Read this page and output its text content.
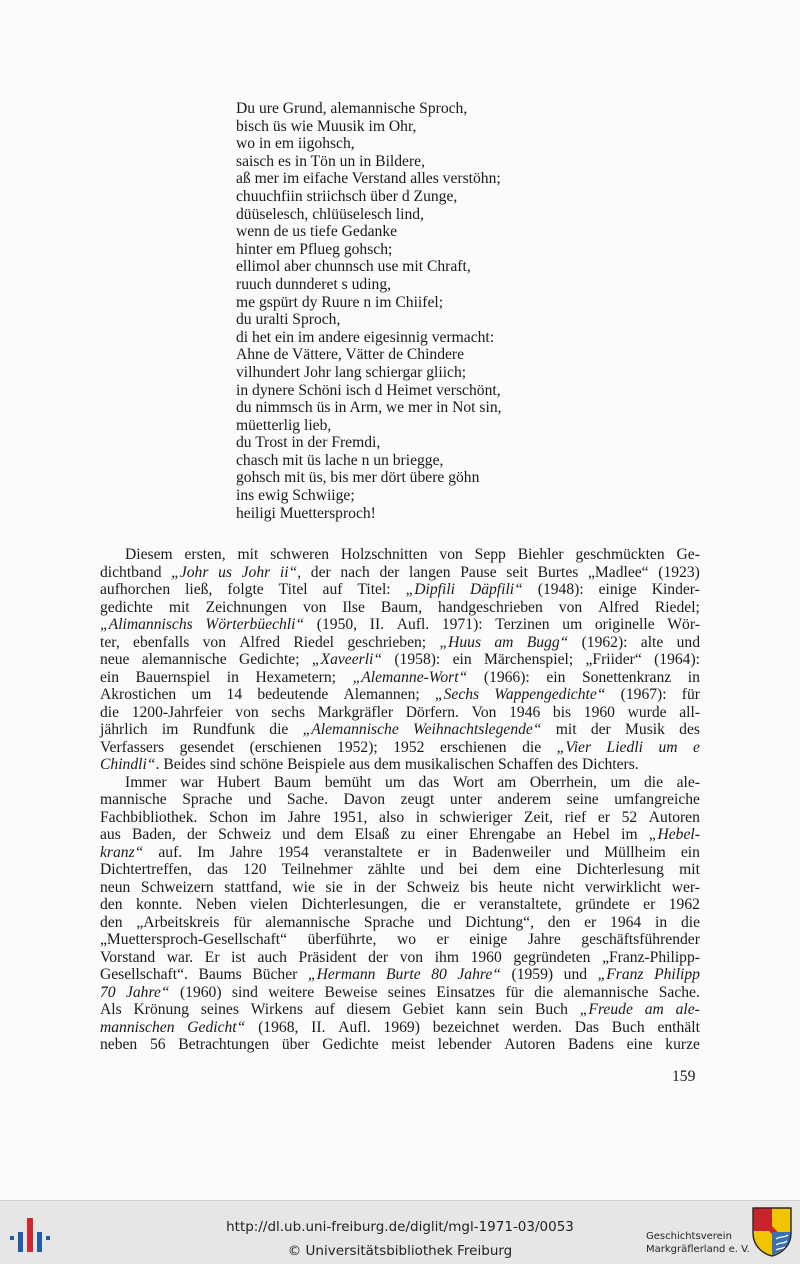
Du ure Grund, alemannische Sproch,
bisch üs wie Muusik im Ohr,
wo in em iigohsch,
saisch es in Tön un in Bildere,
aß mer im eifache Verstand alles verstöhn;
chuuchfiin striichsch über d Zunge,
düüselesch, chlüüselesch lind,
wenn de us tiefe Gedanke
hinter em Pflueg gohsch;
ellimol aber chunnsch use mit Chraft,
ruuch dunnderet s uding,
me gspürt dy Ruure n im Chiifel;
du uralti Sproch,
di het ein im andere eigesinnig vermacht:
Ahne de Vättere, Vätter de Chindere
vilhundert Johr lang schiergar gliich;
in dynere Schöni isch d Heimet verschönt,
du nimmsch üs in Arm, we mer in Not sin,
müetterlig lieb,
du Trost in der Fremdi,
chasch mit üs lache n un briegge,
gohsch mit üs, bis mer dört übere göhn
ins ewig Schwiige;
heiligi Muettersproch!
Diesem ersten, mit schweren Holzschnitten von Sepp Biehler geschmückten Ge-
dichtband „Johr us Johr ii“, der nach der langen Pause seit Burtes „Madlee“ (1923)
aufhorchen ließ, folgte Titel auf Titel: „Dipfili Däpfili“ (1948): einige Kinder-
gedichte mit Zeichnungen von Ilse Baum, handgeschrieben von Alfred Riedel;
„Alimannischs Wörterbüechli“ (1950, II. Aufl. 1971): Terzinen um originelle Wör-
ter, ebenfalls von Alfred Riedel geschrieben; „Huus am Bugg“ (1962): alte und
neue alemannische Gedichte; „Xaveerli“ (1958): ein Märchenspiel; „Friider“ (1964):
ein Bauernspiel in Hexametern; „Alemanne-Wort“ (1966): ein Sonettenkranz in
Akrostichen um 14 bedeutende Alemannen; „Sechs Wappengedichte“ (1967): für
die 1200-Jahrfeier von sechs Markgräfler Dörfern. Von 1946 bis 1960 wurde all-
jährlich im Rundfunk die „Alemannische Weihnachtslegende“ mit der Musik des
Verfassers gesendet (erschienen 1952); 1952 erschienen die „Vier Liedli um e
Chindli“. Beides sind schöne Beispiele aus dem musikalischen Schaffen des Dichters.
Immer war Hubert Baum bemüht um das Wort am Oberrhein, um die ale-
mannische Sprache und Sache. Davon zeugt unter anderem seine umfangreiche
Fachbibliothek. Schon im Jahre 1951, also in schwieriger Zeit, rief er 52 Autoren
aus Baden, der Schweiz und dem Elsaß zu einer Ehrengabe an Hebel im „Hebel-
kranz“ auf. Im Jahre 1954 veranstaltete er in Badenweiler und Müllheim ein
Dichtertreffen, das 120 Teilnehmer zählte und bei dem eine Dichterlesung mit
neun Schweizern stattfand, wie sie in der Schweiz bis heute nicht verwirklicht wer-
den konnte. Neben vielen Dichterlesungen, die er veranstaltete, gründete er 1962
den „Arbeitskreis für alemannische Sprache und Dichtung“, den er 1964 in die
„Muettersproch-Gesellschaft“ überführte, wo er einige Jahre geschäftsführender
Vorstand war. Er ist auch Präsident der von ihm 1960 gegründeten „Franz-Philipp-
Gesellschaft“. Baums Bücher „Hermann Burte 80 Jahre“ (1959) und „Franz Philipp
70 Jahre“ (1960) sind weitere Beweise seines Einsatzes für die alemannische Sache.
Als Krönung seines Wirkens auf diesem Gebiet kann sein Buch „Freude am ale-
mannischen Gedicht“ (1968, II. Aufl. 1969) bezeichnet werden. Das Buch enthält
neben 56 Betrachtungen über Gedichte meist lebender Autoren Badens eine kurze
159
http://dl.ub.uni-freiburg.de/diglit/mgl-1971-03/0053
© Universitätsbibliothek Freiburg
Geschichtsverein
Markgräflerland e. V.
